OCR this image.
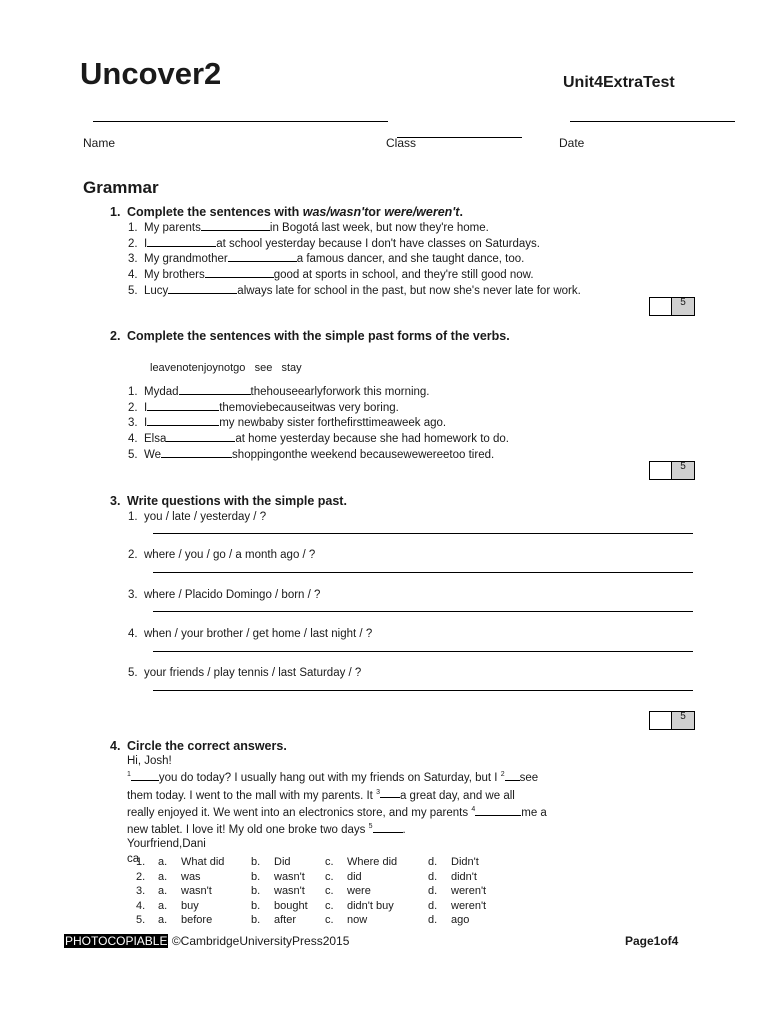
Uncover2	Unit4ExtraTest
Name	Class	Date
Grammar
1. Complete the sentences with was/wasn'tor were/weren't.
1. My parents	in Bogotá last week, but now they're home.
2. I	at school yesterday because I don't have classes on Saturdays.
3. My grandmother	a famous dancer, and she taught dance, too.
4. My brothers	good at sports in school, and they're still good now.
5. Lucy	always late for school in the past, but now she's never late for work.
5
2. Complete the sentences with the simple past forms of the verbs.
leavenotenjoynotgo   see   stay
1. Mydad	thehouseearlyforwork this morning.
2. I	themoviebecauseitwas very boring.
3. I	my newbaby sister forthefirsttimeaweek ago.
4. Elsa	at home yesterday because she had homework to do.
5. We	shoppingonthe weekend becausewewereetoo tired.
5
3. Write questions with the simple past.
1. you / late / yesterday / ?
2. where / you / go / a month ago / ?
3. where / Placido Domingo / born / ?
4. when / your brother / get home / last night / ?
5. your friends / play tennis / last Saturday / ?
5
4. Circle the correct answers.
Hi, Josh!
$^1$ you do today? I usually hang out with my friends on Saturday, but I $^2$ see
them today. I went to the mall with my parents. It $^3$ a great day, and we all
really enjoyed it. We went into an electronics store, and my parents $^4$	me a
new tablet. I love it! My old one broke two days $^5$	.
Yourfriend,Dani
ca
1. a. What did b. Did	c. Where did	d. Didn't
2. a. was	b. wasn't c. did	d. didn't
3. a. wasn't	b. wasn't c. were	d. weren't
4. a. buy	b. bought c. didn't buy	d. weren't
5. a. before	b. after	c. now	d. ago
PHOTOCOPIABLE ©CambridgeUniversityPress2015	Page1of4
